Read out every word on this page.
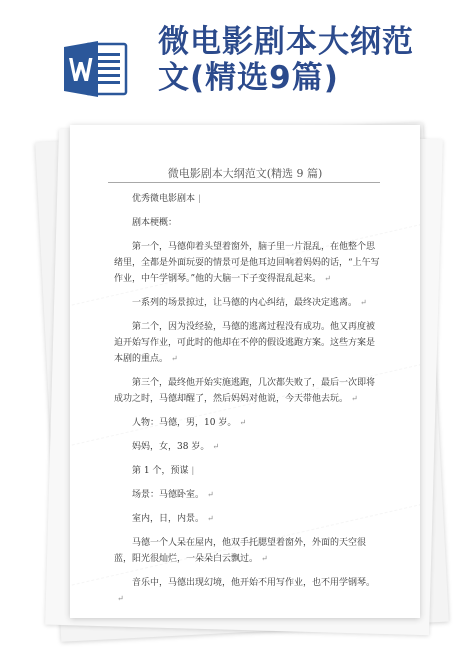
微电影剧本大纲范
文(精选9篇)
微电影剧本大纲范文(精选 9 篇)

优秀微电影剧本 |

剧本梗概：

第一个，马德仰着头望着窗外，脑子里一片混乱，在他整个思绪里，全都是外面玩耍的情景可是他耳边回响着妈妈的话，“上午写作业，中午学钢琴。”他的大脑一下子变得混乱起来。 ↵

一系列的场景掠过，让马德的内心纠结，最终决定逃离。 ↵

第二个，因为没经验，马德的逃离过程没有成功。他又再度被迫开始写作业，可此时的他却在不停的假设逃跑方案。这些方案是本剧的重点。 ↵

第三个，最终他开始实施逃跑，几次都失败了，最后一次即将成功之时，马德却醒了，然后妈妈对他说，今天带他去玩。 ↵

人物：马德，男，10 岁。 ↵

妈妈，女，38 岁。 ↵

第 1 个，预谋 |

场景：马德卧室。 ↵

室内，日，内景。 ↵

马德一个人呆在屋内，他双手托腮望着窗外，外面的天空很蓝，阳光很灿烂，一朵朵白云飘过。 ↵

音乐中，马德出现幻境，他开始不用写作业，也不用学钢琴。↵
